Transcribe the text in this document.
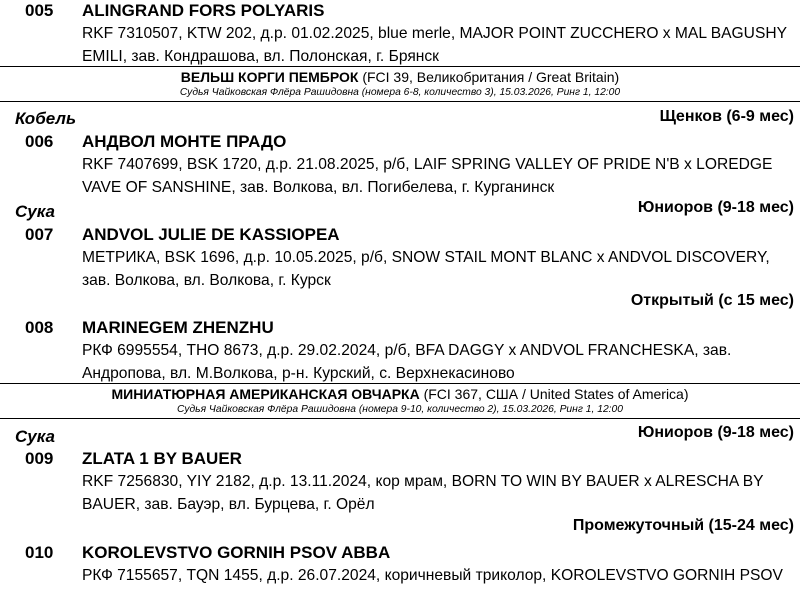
005 ALINGRAND FORS POLYARIS
RKF 7310507, KTW 202, д.р. 01.02.2025, blue merle, MAJOR POINT ZUCCHERO x MAL BAGUSHY EMILI, зав. Кондрашова, вл. Полонская, г. Брянск
ВЕЛЬШ КОРГИ ПЕМБРОК (FCI 39, Великобритания / Great Britain)
Судья Чайковская Флёра Рашидовна (номера 6-8, количество 3), 15.03.2026, Ринг 1, 12:00
Кобель	Щенков (6-9 мес)
006 АНДВОЛ МОНТЕ ПРАДО
RKF 7407699, BSK 1720, д.р. 21.08.2025, р/б, LAIF SPRING VALLEY OF PRIDE N'B x LOREDGE VAVE OF SANSHINE, зав. Волкова, вл. Погибелева, г. Курганинск
Сука	Юниоров (9-18 мес)
007 ANDVOL JULIE DE KASSIOPEA
МЕТРИКА, BSK 1696, д.р. 10.05.2025, р/б, SNOW STAIL MONT BLANC x ANDVOL DISCOVERY, зав. Волкова, вл. Волкова, г. Курск
Открытый (с 15 мес)
008 MARINEGEM ZHENZHU
РКФ 6995554, THO 8673, д.р. 29.02.2024, р/б, BFA DAGGY x ANDVOL FRANCHESKA, зав. Андропова, вл. М.Волкова, р-н. Курский, с. Верхнекасиново
МИНИАТЮРНАЯ АМЕРИКАНСКАЯ ОВЧАРКА (FCI 367, США / United States of America)
Судья Чайковская Флёра Рашидовна (номера 9-10, количество 2), 15.03.2026, Ринг 1, 12:00
Сука	Юниоров (9-18 мес)
009 ZLATA 1 BY BAUER
RKF 7256830, YIY 2182, д.р. 13.11.2024, кор мрам, BORN TO WIN BY BAUER x ALRESCHA BY BAUER, зав. Бауэр, вл. Бурцева, г. Орёл
Промежуточный (15-24 мес)
010 KOROLEVSTVO GORNIH PSOV ABBA
РКФ 7155657, TQN 1455, д.р. 26.07.2024, коричневый триколор, KOROLEVSTVO GORNIH PSOV
